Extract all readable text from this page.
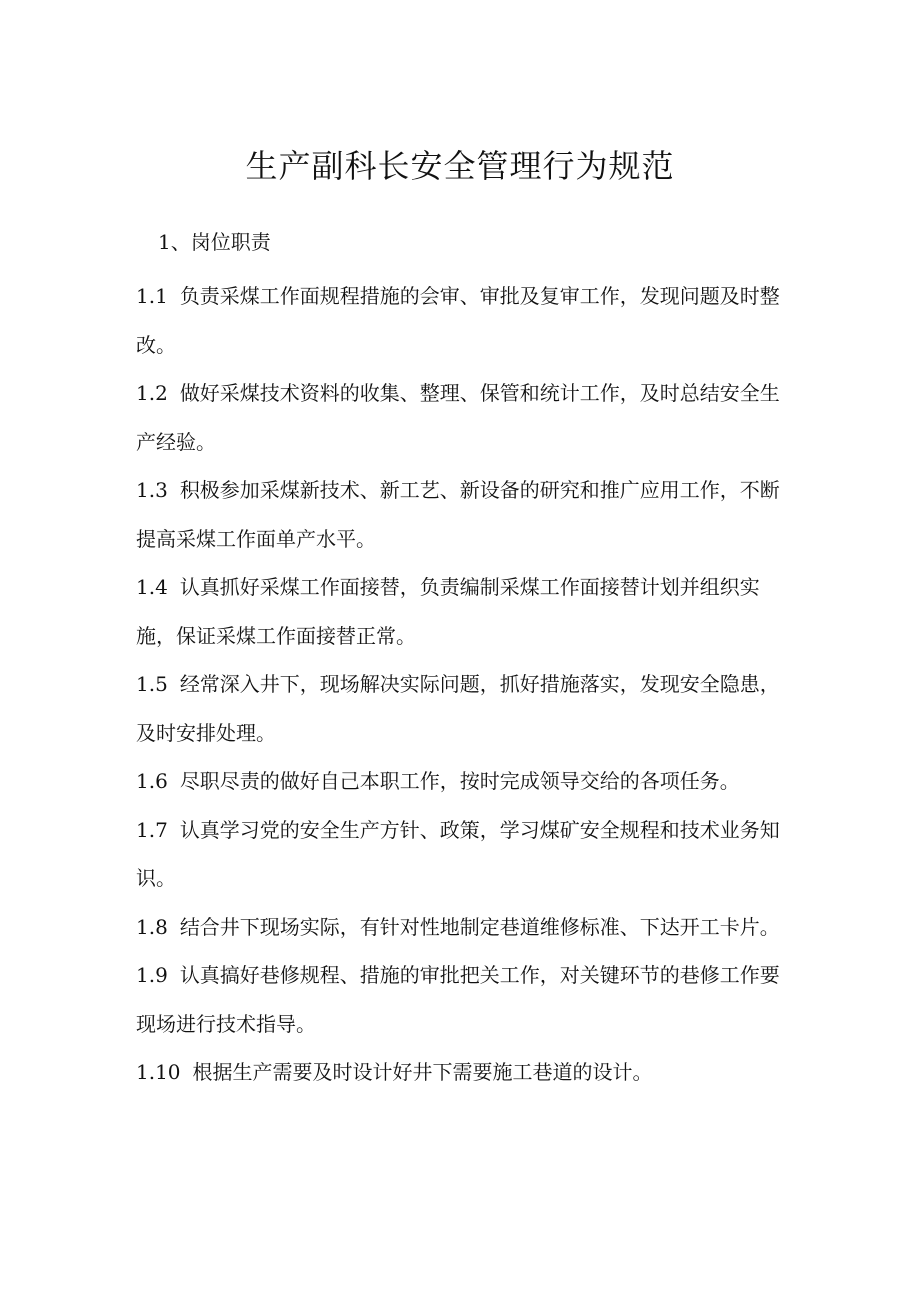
生产副科长安全管理行为规范
1、岗位职责
1.1 负责采煤工作面规程措施的会审、审批及复审工作，发现问题及时整改。
1.2 做好采煤技术资料的收集、整理、保管和统计工作，及时总结安全生产经验。
1.3 积极参加采煤新技术、新工艺、新设备的研究和推广应用工作，不断提高采煤工作面单产水平。
1.4 认真抓好采煤工作面接替，负责编制采煤工作面接替计划并组织实施，保证采煤工作面接替正常。
1.5 经常深入井下，现场解决实际问题，抓好措施落实，发现安全隐患，及时安排处理。
1.6 尽职尽责的做好自己本职工作，按时完成领导交给的各项任务。
1.7 认真学习党的安全生产方针、政策，学习煤矿安全规程和技术业务知识。
1.8 结合井下现场实际，有针对性地制定巷道维修标准、下达开工卡片。
1.9 认真搞好巷修规程、措施的审批把关工作，对关键环节的巷修工作要现场进行技术指导。
1.10 根据生产需要及时设计好井下需要施工巷道的设计。
